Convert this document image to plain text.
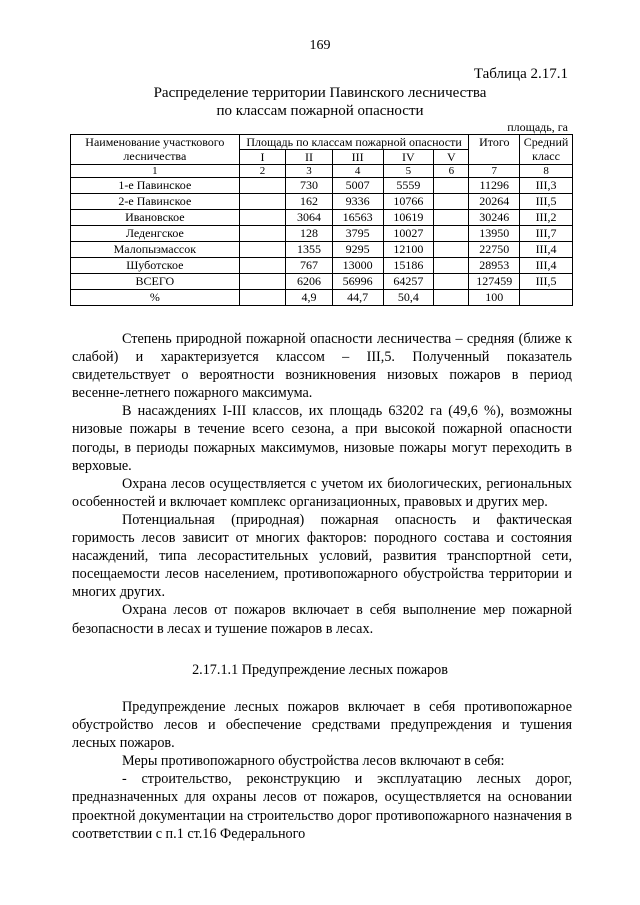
169
Таблица 2.17.1
Распределение территории Павинского лесничества
по классам пожарной опасности
площадь, га
Наименование участкового лесничества	Площадь по классам пожарной опасности					Итого	Средний класс
	I	II	III	IV	V		
1	2	3	4	5	6	7	8
1-е Павинское		730	5007	5559		11296	III,3
2-е Павинское		162	9336	10766		20264	III,5
Ивановское		3064	16563	10619		30246	III,2
Леденгское		128	3795	10027		13950	III,7
Малопызмассок		1355	9295	12100		22750	III,4
Шуботское		767	13000	15186		28953	III,4
ВСЕГО		6206	56996	64257		127459	III,5
%		4,9	44,7	50,4		100	

Степень природной пожарной опасности лесничества – средняя (ближе к слабой) и характеризуется классом – III,5. Полученный показатель свидетельствует о вероятности возникновения низовых пожаров в период весенне-летнего пожарного максимума.

В насаждениях I-III классов, их площадь 63202 га (49,6 %), возможны низовые пожары в течение всего сезона, а при высокой пожарной опасности погоды, в периоды пожарных максимумов, низовые пожары могут переходить в верховые.

Охрана лесов осуществляется с учетом их биологических, региональных особенностей и включает комплекс организационных, правовых и других мер.

Потенциальная (природная) пожарная опасность и фактическая горимость лесов зависит от многих факторов: породного состава и состояния насаждений, типа лесорастительных условий, развития транспортной сети, посещаемости лесов населением, противопожарного обустройства территории и многих других.

Охрана лесов от пожаров включает в себя выполнение мер пожарной безопасности в лесах и тушение пожаров в лесах.

2.17.1.1 Предупреждение лесных пожаров

Предупреждение лесных пожаров включает в себя противопожарное обустройство лесов и обеспечение средствами предупреждения и тушения лесных пожаров.

Меры противопожарного обустройства лесов включают в себя:

- строительство, реконструкцию и эксплуатацию лесных дорог, предназначенных для охраны лесов от пожаров, осуществляется на основании проектной документации на строительство дорог противопожарного назначения в соответствии с п.1 ст.16 Федерального
